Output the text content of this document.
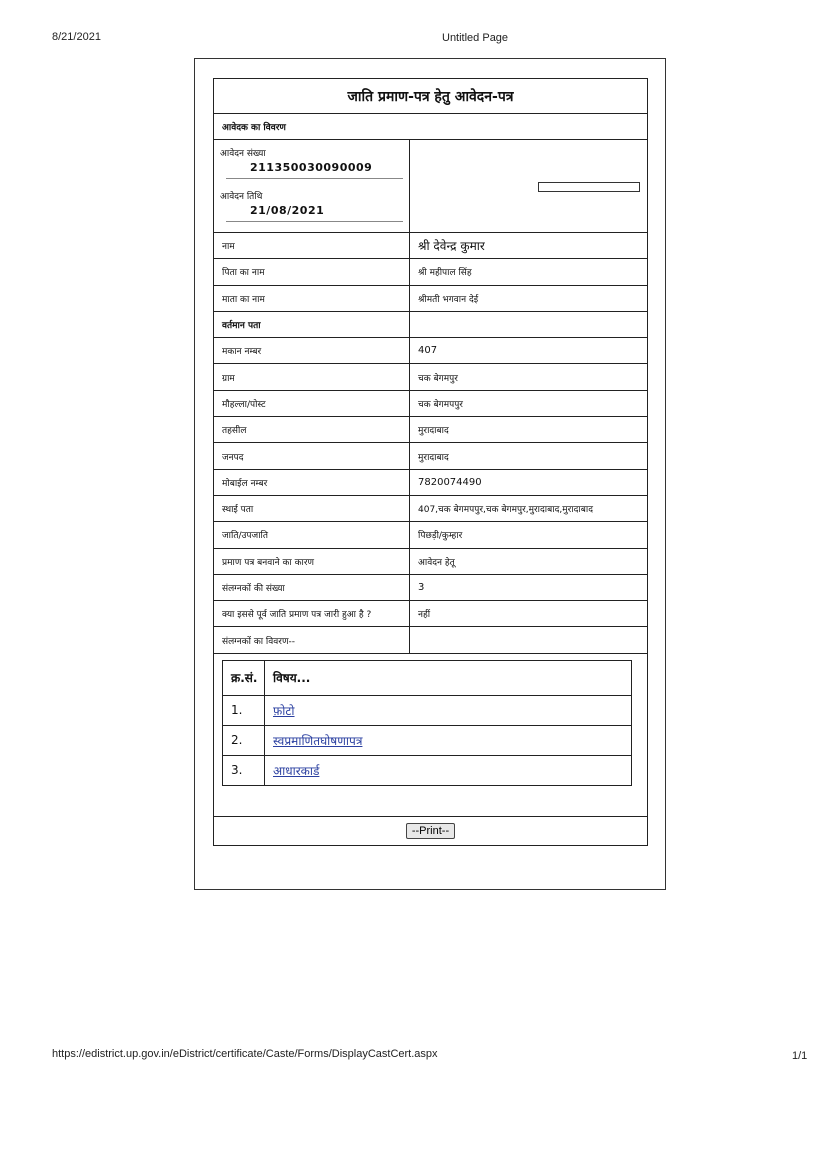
8/21/2021	Untitled Page
जाति प्रमाण-पत्र हेतु आवेदन-पत्र
आवेदक का विवरण

आवेदन संख्या
211350030090009
आवेदन तिथि
21/08/2021

नाम	श्री देवेन्द्र कुमार
पिता का नाम	श्री महीपाल सिंह
माता का नाम	श्रीमती भगवान देई
वर्तमान पता	
मकान नम्बर	407
ग्राम	चक बेगमपुर
मौहल्ला/पोस्ट	चक बेगमपपुर
तहसील	मुरादाबाद
जनपद	मुरादाबाद
मोबाईल नम्बर	7820074490
स्थाई पता	407,चक बेगमपपुर,चक बेगमपुर,मुरादाबाद,मुरादाबाद
जाति/उपजाति	पिछड़ी/कुम्हार
प्रमाण पत्र बनवाने का कारण	आवेदन हेतू
संलग्नकों की संख्या	3
क्या इससे पूर्व जाति प्रमाण पत्र जारी हुआ है ?	नहीं
संलग्नकों का विवरण--	

क्र.सं.	विषय...
1.	फ़ोटो
2.	स्वप्रमाणितघोषणापत्र
3.	आधारकार्ड

--Print--
https://edistrict.up.gov.in/eDistrict/certificate/Caste/Forms/DisplayCastCert.aspx	1/1
